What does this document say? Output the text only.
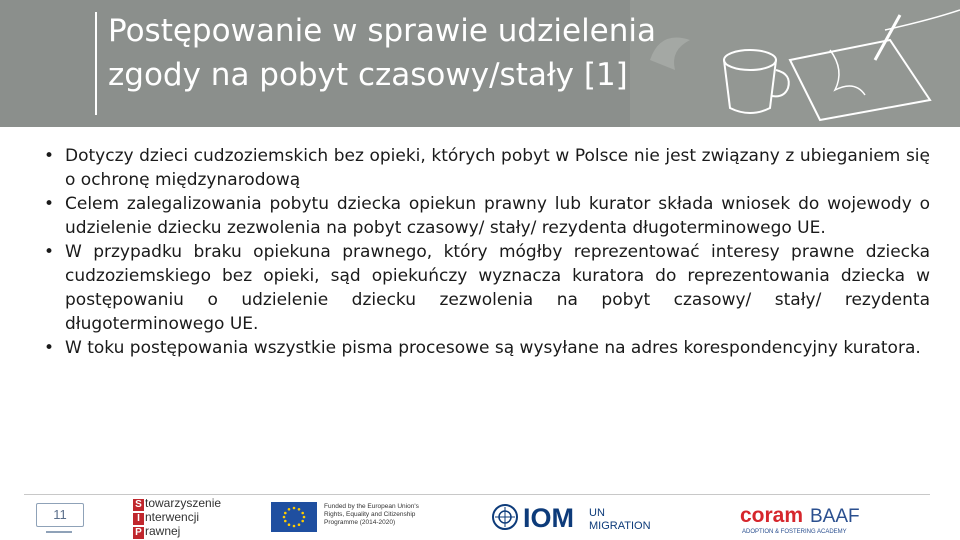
Postępowanie w sprawie udzielenia
zgody na pobyt czasowy/stały [1]
• Dotyczy dzieci cudzoziemskich bez opieki, których pobyt w Polsce nie jest związany z ubieganiem się o ochronę międzynarodową
• Celem zalegalizowania pobytu dziecka opiekun prawny lub kurator składa wniosek do wojewody o udzielenie dziecku zezwolenia na pobyt czasowy/ stały/ rezydenta długoterminowego UE.
• W przypadku braku opiekuna prawnego, który mógłby reprezentować interesy prawne dziecka cudzoziemskiego bez opieki, sąd opiekuńczy wyznacza kuratora do reprezentowania dziecka w postępowaniu o udzielenie dziecku zezwolenia na pobyt czasowy/ stały/ rezydenta długoterminowego UE.
• W toku postępowania wszystkie pisma procesowe są wysyłane na adres korespondencyjny kuratora.
11
S towarzyszenie
I nterwencji
P rawnej
Funded by the European Union's Rights, Equality and Citizenship Programme (2014-2020)	IOM UN
MIGRATION	coram BAAF
ADOPTION & FOSTERING ACADEMY
